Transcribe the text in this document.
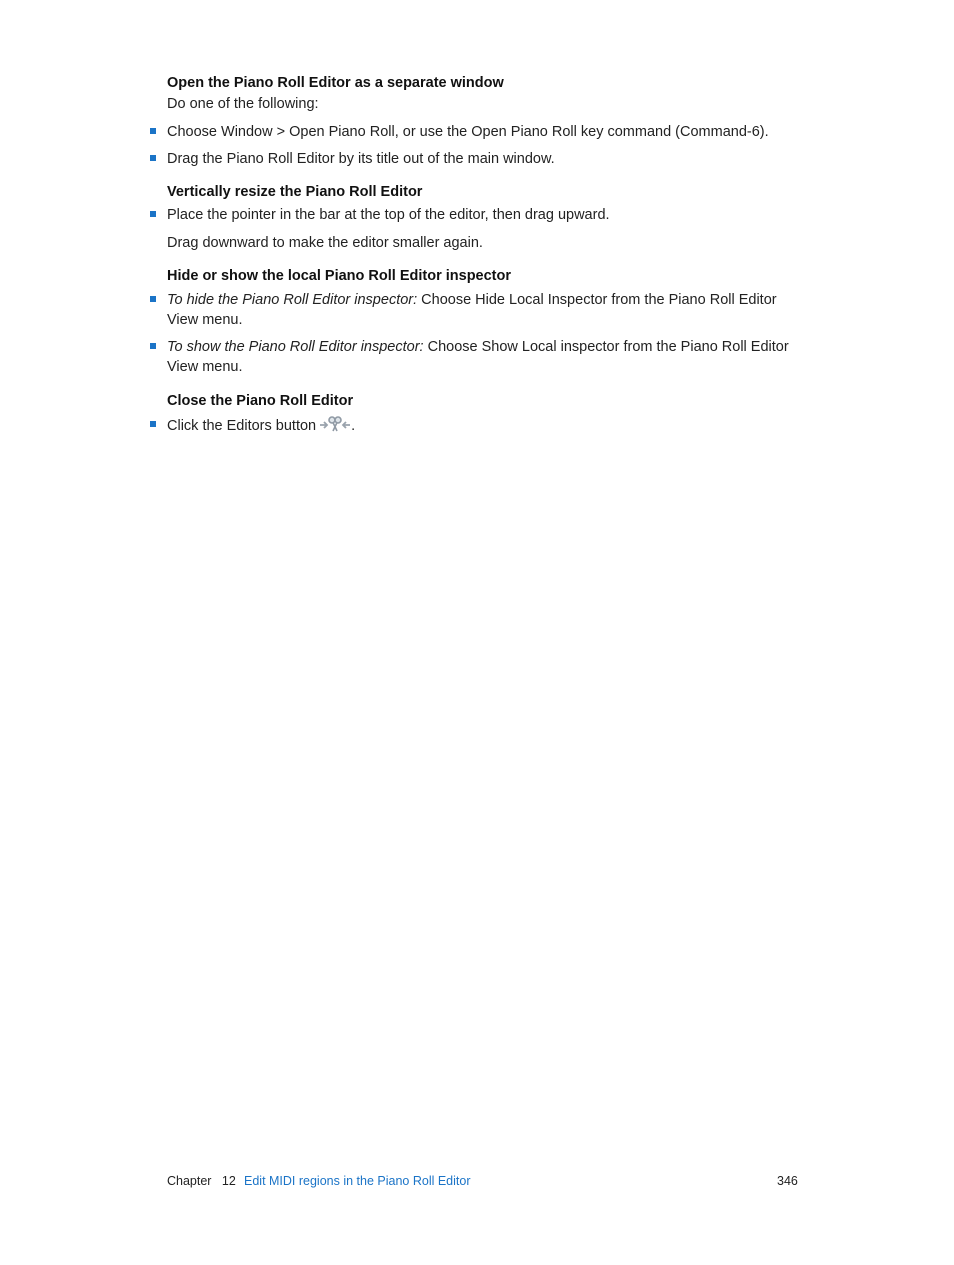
Open the Piano Roll Editor as a separate window
Do one of the following:
Choose Window > Open Piano Roll, or use the Open Piano Roll key command (Command-6).
Drag the Piano Roll Editor by its title out of the main window.
Vertically resize the Piano Roll Editor
Place the pointer in the bar at the top of the editor, then drag upward.
Drag downward to make the editor smaller again.
Hide or show the local Piano Roll Editor inspector
To hide the Piano Roll Editor inspector: Choose Hide Local Inspector from the Piano Roll Editor View menu.
To show the Piano Roll Editor inspector: Choose Show Local inspector from the Piano Roll Editor View menu.
Close the Piano Roll Editor
Click the Editors button .
Chapter 12 Edit MIDI regions in the Piano Roll Editor	346
